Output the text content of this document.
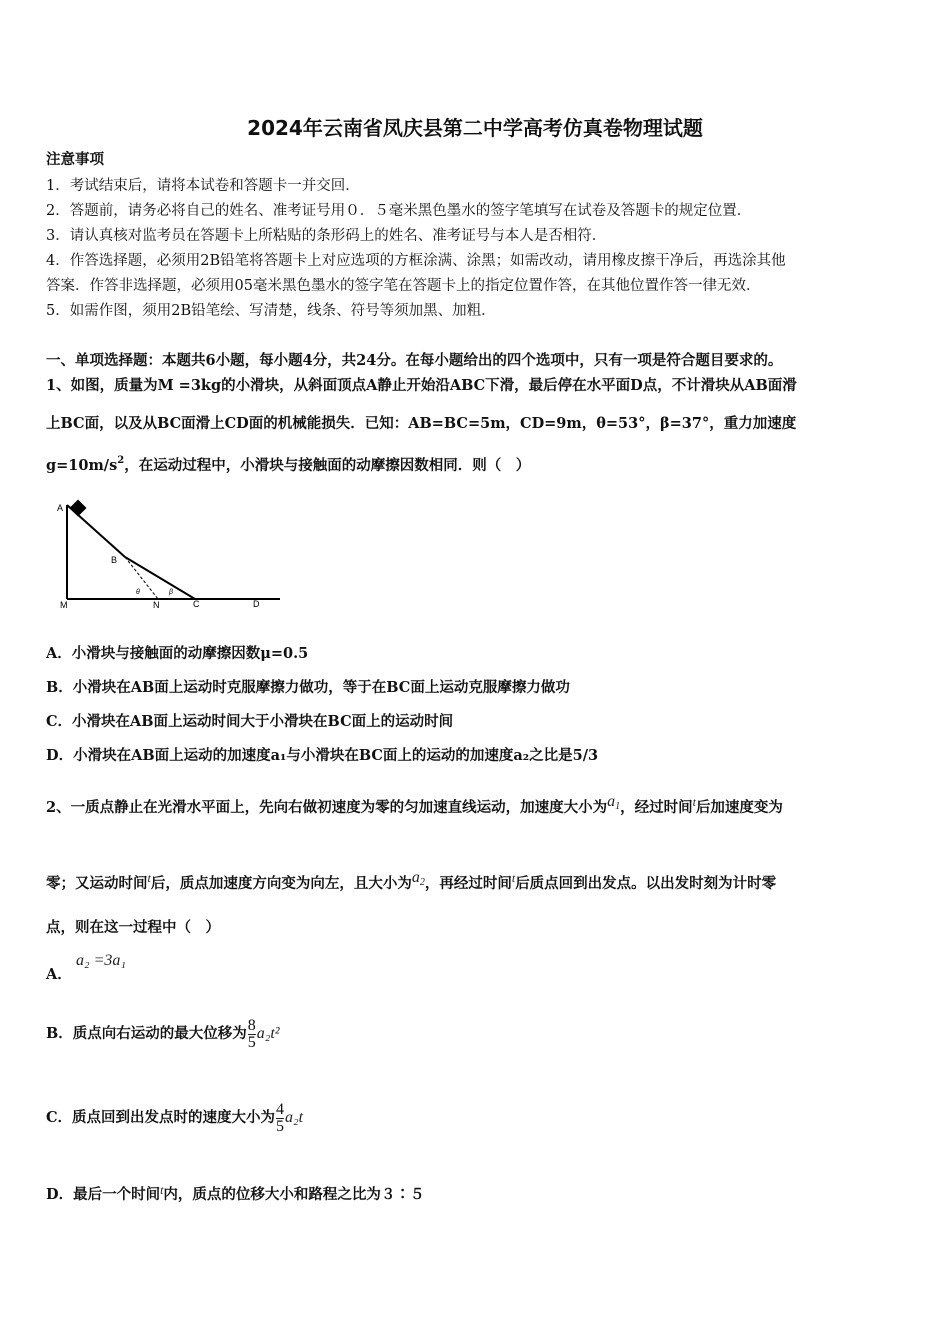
2024年云南省凤庆县第二中学高考仿真卷物理试题
注意事项
1．考试结束后，请将本试卷和答题卡一并交回．
2．答题前，请务必将自己的姓名、准考证号用０．５毫米黑色墨水的签字笔填写在试卷及答题卡的规定位置．
3．请认真核对监考员在答题卡上所粘贴的条形码上的姓名、准考证号与本人是否相符．
4．作答选择题，必须用2B铅笔将答题卡上对应选项的方框涂满、涂黑；如需改动，请用橡皮擦干净后，再选涂其他
答案．作答非选择题，必须用05毫米黑色墨水的签字笔在答题卡上的指定位置作答，在其他位置作答一律无效．
5．如需作图，须用2B铅笔绘、写清楚，线条、符号等须加黑、加粗．
一、单项选择题：本题共6小题，每小题4分，共24分。在每小题给出的四个选项中，只有一项是符合题目要求的。
1、如图，质量为M =3kg的小滑块，从斜面顶点A静止开始沿ABC下滑，最后停在水平面D点，不计滑块从AB面滑
上BC面，以及从BC面滑上CD面的机械能损失．已知：AB=BC=5m，CD=9m，θ=53°，β=37°，重力加速度
$g=10m/s^2$，在运动过程中，小滑块与接触面的动摩擦因数相同．则（　）
A
B
M	N	C	D
θ	β
A．小滑块与接触面的动摩擦因数μ=0.5
B．小滑块在AB面上运动时克服摩擦力做功，等于在BC面上运动克服摩擦力做功
C．小滑块在AB面上运动时间大于小滑块在BC面上的运动时间
D．小滑块在AB面上运动的加速度a₁与小滑块在BC面上的运动的加速度a₂之比是5/3
2、一质点静止在光滑水平面上，先向右做初速度为零的匀加速直线运动，加速度大小为$a_1$，经过时间$^t$后加速度变为
零；又运动时间$^t$后，质点加速度方向变为向左，且大小为$a_2$，再经过时间$^t$后质点回到出发点。以出发时刻为计时零
点，则在这一过程中（　）
A．
a₂ =3a₁
B．质点向右运动的最大位移为 $\frac{8}{5} a_2t^2$
C．质点回到出发点时的速度大小为 $\frac{4}{5} a_2t$
D．最后一个时间$^t$内，质点的位移大小和路程之比为３∶５
